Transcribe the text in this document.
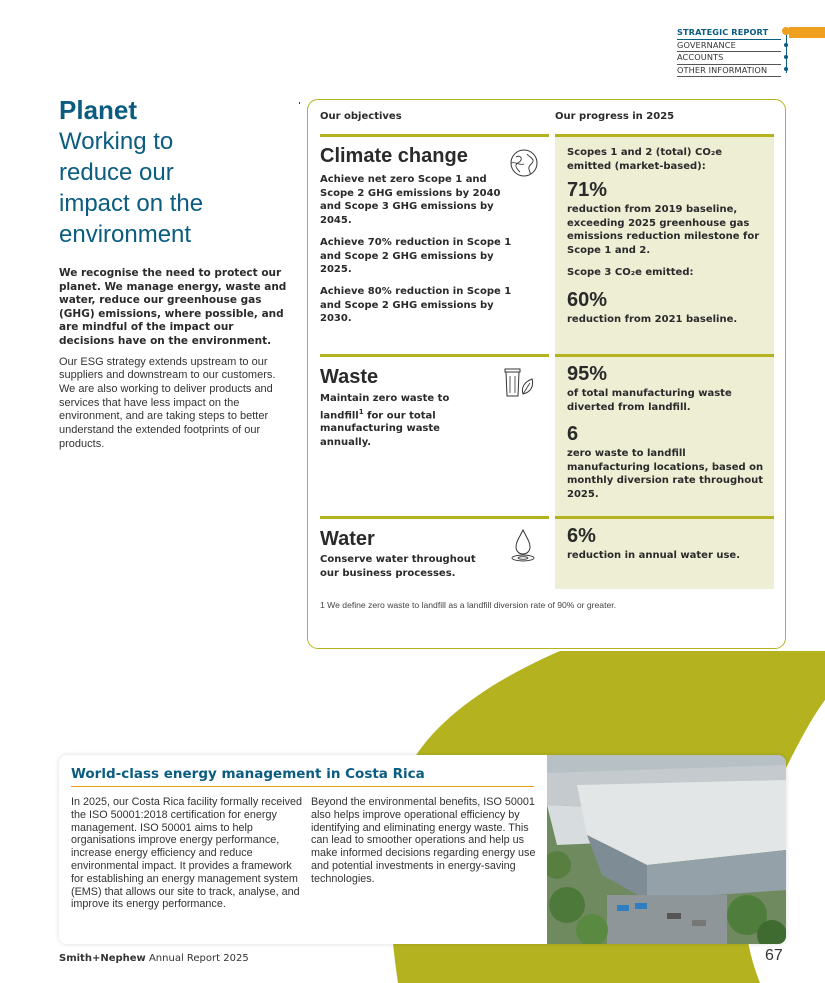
STRATEGIC REPORT
GOVERNANCE
ACCOUNTS
OTHER INFORMATION
Planet
Working to
reduce our
impact on the
environment

We recognise the need to protect our planet. We manage energy, waste and water, reduce our greenhouse gas (GHG) emissions, where possible, and are mindful of the impact our decisions have on the environment.

Our ESG strategy extends upstream to our suppliers and downstream to our customers. We are also working to deliver products and services that have less impact on the environment, and are taking steps to better understand the extended footprints of our products.

Our objectives	Our progress in 2025
Climate change
Achieve net zero Scope 1 and Scope 2 GHG emissions by 2040 and Scope 3 GHG emissions by 2045.
Achieve 70% reduction in Scope 1 and Scope 2 GHG emissions by 2025.
Achieve 80% reduction in Scope 1 and Scope 2 GHG emissions by 2030.
Scopes 1 and 2 (total) CO₂e emitted (market-based):
71%
reduction from 2019 baseline, exceeding 2025 greenhouse gas emissions reduction milestone for Scope 1 and 2.
Scope 3 CO₂e emitted:
60%
reduction from 2021 baseline.
Waste
Maintain zero waste to landfill$^1$ for our total manufacturing waste annually.
95%
of total manufacturing waste diverted from landfill.
6
zero waste to landfill manufacturing locations, based on monthly diversion rate throughout 2025.
Water
Conserve water throughout our business processes.
6%
reduction in annual water use.
1 We define zero waste to landfill as a landfill diversion rate of 90% or greater.
World-class energy management in Costa Rica
In 2025, our Costa Rica facility formally received the ISO 50001:2018 certification for energy management. ISO 50001 aims to help organisations improve energy performance, increase energy efficiency and reduce environmental impact. It provides a framework for establishing an energy management system (EMS) that allows our site to track, analyse, and improve its energy performance.
Beyond the environmental benefits, ISO 50001 also helps improve operational efficiency by identifying and eliminating energy waste. This can lead to smoother operations and help us make informed decisions regarding energy use and potential investments in energy-saving technologies.
Smith+Nephew Annual Report 2025	67
